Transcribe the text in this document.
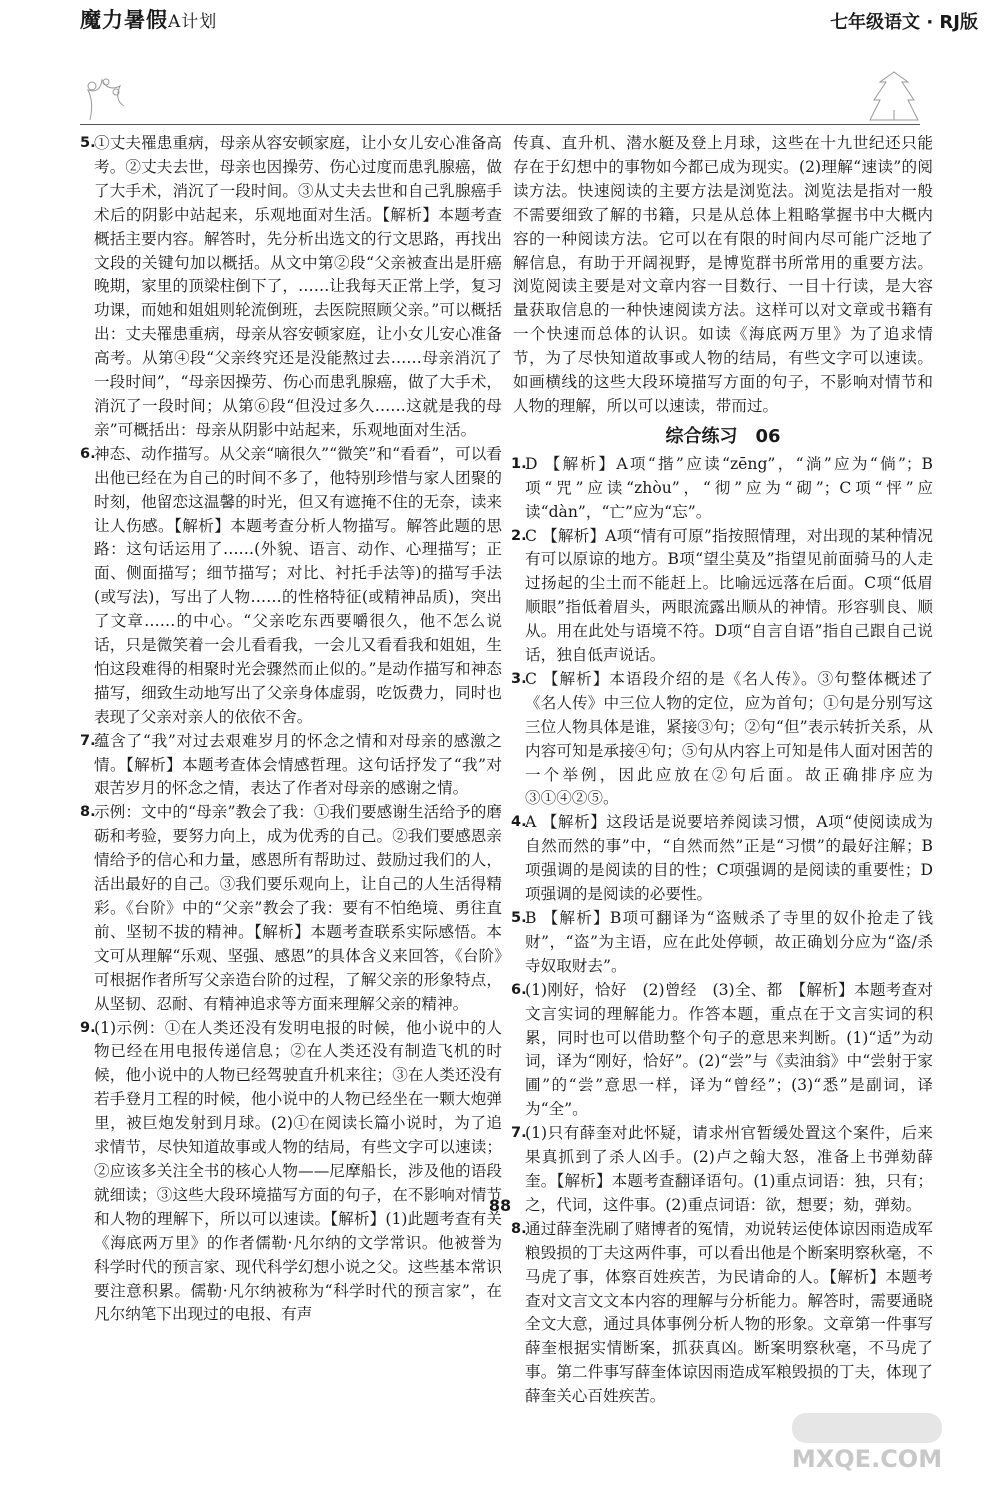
魔力暑假A计划	七年级语文 · RJ版
5.
①丈夫罹患重病，母亲从容安顿家庭，让小女儿安心准备高考。②丈夫去世，母亲也因操劳、伤心过度而患乳腺癌，做了大手术，消沉了一段时间。③从丈夫去世和自己乳腺癌手术后的阴影中站起来，乐观地面对生活。【解析】本题考查概括主要内容。解答时，先分析出选文的行文思路，再找出文段的关键句加以概括。从文中第②段“父亲被查出是肝癌晚期，家里的顶梁柱倒下了，……让我每天正常上学，复习功课，而她和姐姐则轮流倒班，去医院照顾父亲。”可以概括出：丈夫罹患重病，母亲从容安顿家庭，让小女儿安心准备高考。从第④段“父亲终究还是没能熬过去……母亲消沉了一段时间”，“母亲因操劳、伤心而患乳腺癌，做了大手术，消沉了一段时间；从第⑥段“但没过多久……这就是我的母亲”可概括出：母亲从阴影中站起来，乐观地面对生活。
6.
神态、动作描写。从父亲“嘀很久”“微笑”和“看看”，可以看出他已经在为自己的时间不多了，他特别珍惜与家人团聚的时刻，他留恋这温馨的时光，但又有遮掩不住的无奈，读来让人伤感。【解析】本题考查分析人物描写。解答此题的思路：这句话运用了……(外貌、语言、动作、心理描写；正面、侧面描写；细节描写；对比、衬托手法等)的描写手法(或写法)，写出了人物……的性格特征(或精神品质)，突出了文章……的中心。“父亲吃东西要嚼很久，他不怎么说话，只是微笑着一会儿看看我，一会儿又看看我和姐姐，生怕这段难得的相聚时光会骤然而止似的。”是动作描写和神态描写，细致生动地写出了父亲身体虚弱，吃饭费力，同时也表现了父亲对亲人的依依不舍。
7.
蕴含了“我”对过去艰难岁月的怀念之情和对母亲的感激之情。【解析】本题考查体会情感哲理。这句话抒发了“我”对艰苦岁月的怀念之情，表达了作者对母亲的感谢之情。
8.
示例：文中的“母亲”教会了我：①我们要感谢生活给予的磨砺和考验，要努力向上，成为优秀的自己。②我们要感恩亲情给予的信心和力量，感恩所有帮助过、鼓励过我们的人，活出最好的自己。③我们要乐观向上，让自己的人生活得精彩。《台阶》中的“父亲”教会了我：要有不怕绝境、勇往直前、坚韧不拔的精神。【解析】本题考查联系实际感悟。本文可从理解“乐观、坚强、感恩”的具体含义来回答，《台阶》可根据作者所写父亲造台阶的过程，了解父亲的形象特点，从坚韧、忍耐、有精神追求等方面来理解父亲的精神。
9.
(1)示例：①在人类还没有发明电报的时候，他小说中的人物已经在用电报传递信息；②在人类还没有制造飞机的时候，他小说中的人物已经驾驶直升机来往；③在人类还没有若手登月工程的时候，他小说中的人物已经坐在一颗大炮弹里，被巨炮发射到月球。(2)①在阅读长篇小说时，为了追求情节，尽快知道故事或人物的结局，有些文字可以速读；②应该多关注全书的核心人物——尼摩船长，涉及他的语段就细读；③这些大段环境描写方面的句子，在不影响对情节和人物的理解下，所以可以速读。【解析】(1)此题考查有关《海底两万里》的作者儒勒·凡尔纳的文学常识。他被誉为科学时代的预言家、现代科学幻想小说之父。这些基本常识要注意积累。儒勒·凡尔纳被称为“科学时代的预言家”，在凡尔纳笔下出现过的电报、有声
传真、直升机、潜水艇及登上月球，这些在十九世纪还只能存在于幻想中的事物如今都已成为现实。(2)理解“速读”的阅读方法。快速阅读的主要方法是浏览法。浏览法是指对一般不需要细致了解的书籍，只是从总体上粗略掌握书中大概内容的一种阅读方法。它可以在有限的时间内尽可能广泛地了解信息，有助于开阔视野，是博览群书所常用的重要方法。浏览阅读主要是对文章内容一目数行、一目十行读，是大容量获取信息的一种快速阅读方法。这样可以对文章或书籍有一个快速而总体的认识。如读《海底两万里》为了追求情节，为了尽快知道故事或人物的结局，有些文字可以速读。如画横线的这些大段环境描写方面的句子，不影响对情节和人物的理解，所以可以速读，带而过。
综合练习　06
1.
D 【解析】A项“揩”应读“zēng”，“淌”应为“倘”；B项“咒”应读“zhòu”，“彻”应为“砌”；C项“怦”应读“dàn”，“亡”应为“忘”。
2.
C 【解析】A项“情有可原”指按照情理，对出现的某种情况有可以原谅的地方。B项“望尘莫及”指望见前面骑马的人走过扬起的尘土而不能赶上。比喻远远落在后面。C项“低眉顺眼”指低着眉头，两眼流露出顺从的神情。形容驯良、顺从。用在此处与语境不符。D项“自言自语”指自己跟自己说话，独自低声说话。
3.
C 【解析】本语段介绍的是《名人传》。③句整体概述了《名人传》中三位人物的定位，应为首句；①句是分别写这三位人物具体是谁，紧接③句；②句“但”表示转折关系，从内容可知是承接④句；⑤句从内容上可知是伟人面对困苦的一个举例，因此应放在②句后面。故正确排序应为③①④②⑤。
4.
A 【解析】这段话是说要培养阅读习惯，A项“使阅读成为自然而然的事”中，“自然而然”正是“习惯”的最好注解；B项强调的是阅读的目的性；C项强调的是阅读的重要性；D项强调的是阅读的必要性。
5.
B 【解析】B项可翻译为“盗贼杀了寺里的奴仆抢走了钱财”，“盗”为主语，应在此处停顿，故正确划分应为“盗/杀寺奴取财去”。
6.
(1)刚好，恰好　(2)曾经　(3)全、都　【解析】本题考查对文言实词的理解能力。作答本题，重点在于文言实词的积累，同时也可以借助整个句子的意思来判断。(1)“适”为动词，译为“刚好，恰好”。(2)“尝”与《卖油翁》中“尝射于家圃”的“尝”意思一样，译为“曾经”；(3)“悉”是副词，译为“全”。
7.
(1)只有薛奎对此怀疑，请求州官暂缓处置这个案件，后来果真抓到了杀人凶手。(2)卢之翰大怒，准备上书弹劾薛奎。【解析】本题考查翻译语句。(1)重点词语：独，只有；之，代词，这件事。(2)重点词语：欲，想要；劾，弹劾。
8.
通过薛奎洗刷了赌博者的冤情，劝说转运使体谅因雨造成军粮毁损的丁夫这两件事，可以看出他是个断案明察秋毫，不马虎了事，体察百姓疾苦，为民请命的人。【解析】本题考查对文言文文本内容的理解与分析能力。解答时，需要通晓全文大意，通过具体事例分析人物的形象。文章第一件事写薛奎根据实情断案，抓获真凶。断案明察秋毫，不马虎了事。第二件事写薛奎体谅因雨造成军粮毁损的丁夫，体现了薛奎关心百姓疾苦。
88
MXQE.COM
